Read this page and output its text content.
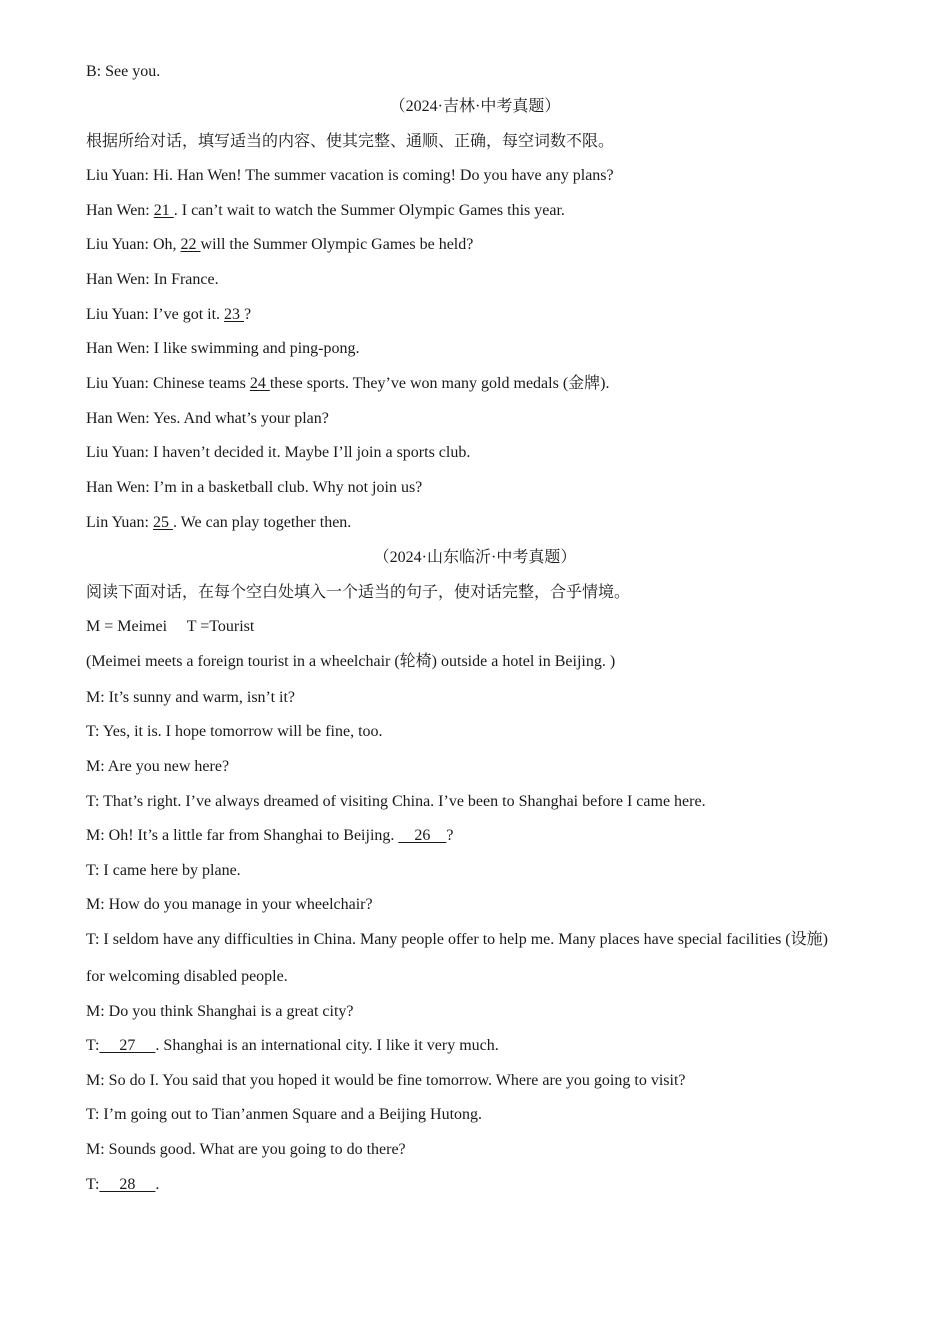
B: See you.
（2024·吉林·中考真题）
根据所给对话，填写适当的内容、使其完整、通顺、正确，每空词数不限。
Liu Yuan: Hi. Han Wen! The summer vacation is coming! Do you have any plans?
Han Wen: 21 . I can’t wait to watch the Summer Olympic Games this year.
Liu Yuan: Oh, 22 will the Summer Olympic Games be held?
Han Wen: In France.
Liu Yuan: I’ve got it. 23 ?
Han Wen: I like swimming and ping-pong.
Liu Yuan: Chinese teams 24 these sports. They’ve won many gold medals (金牌).
Han Wen: Yes. And what’s your plan?
Liu Yuan: I haven’t decided it. Maybe I’ll join a sports club.
Han Wen: I’m in a basketball club. Why not join us?
Lin Yuan: 25 . We can play together then.
（2024·山东临沂·中考真题）
阅读下面对话，在每个空白处填入一个适当的句子，使对话完整，合乎情境。
M = Meimei     T =Tourist
(Meimei meets a foreign tourist in a wheelchair (轮椅) outside a hotel in Beijing. )
M: It’s sunny and warm, isn’t it?
T: Yes, it is. I hope tomorrow will be fine, too.
M: Are you new here?
T: That’s right. I’ve always dreamed of visiting China. I’ve been to Shanghai before I came here.
M: Oh! It’s a little far from Shanghai to Beijing.     26    ?
T: I came here by plane.
M: How do you manage in your wheelchair?
T: I seldom have any difficulties in China. Many people offer to help me. Many places have special facilities (设施)
for welcoming disabled people.
M: Do you think Shanghai is a great city?
T:     27     . Shanghai is an international city. I like it very much.
M: So do I. You said that you hoped it would be fine tomorrow. Where are you going to visit?
T: I’m going out to Tian’anmen Square and a Beijing Hutong.
M: Sounds good. What are you going to do there?
T:     28     .
